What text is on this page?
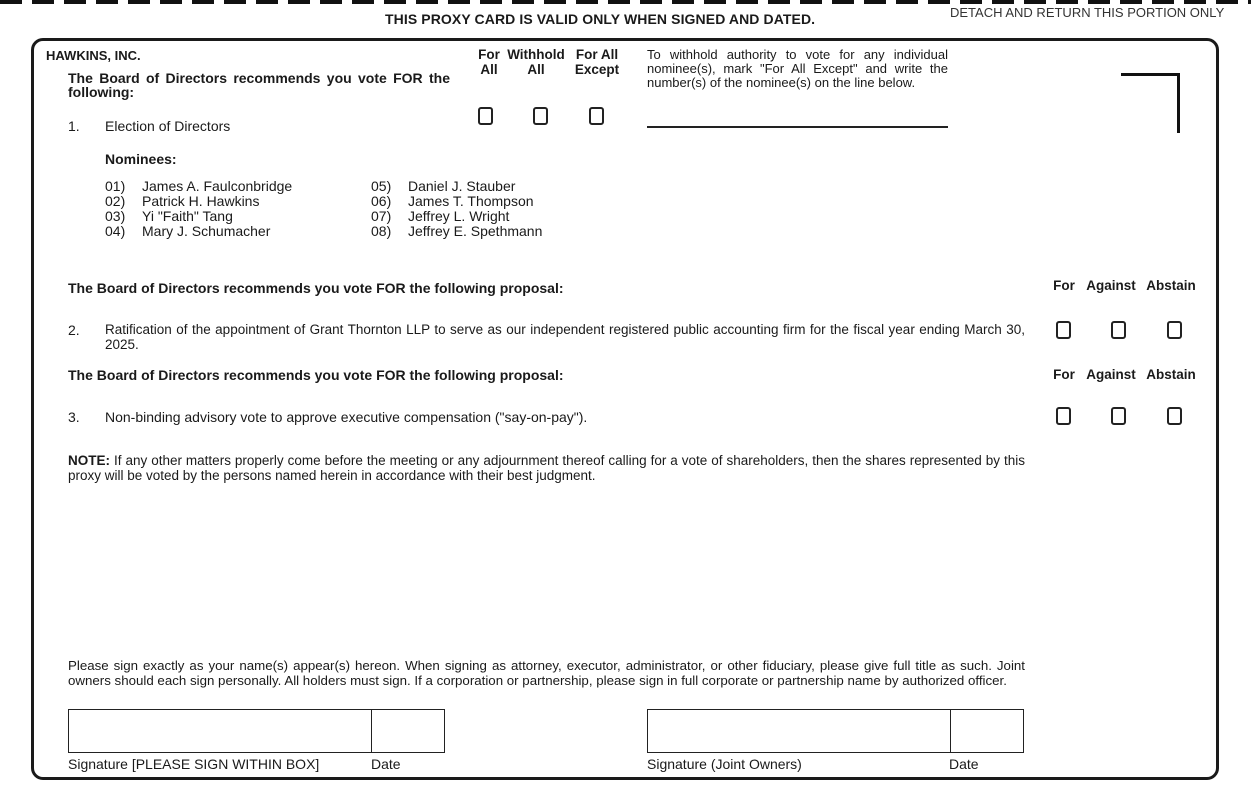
THIS PROXY CARD IS VALID ONLY WHEN SIGNED AND DATED.	DETACH AND RETURN THIS PORTION ONLY
HAWKINS, INC.
The Board of Directors recommends you vote FOR the following:
For All
Withhold All
For All Except
To withhold authority to vote for any individual nominee(s), mark "For All Except" and write the number(s) of the nominee(s) on the line below.
1. Election of Directors
Nominees:
01) James A. Faulconbridge
02) Patrick H. Hawkins
03) Yi "Faith" Tang
04) Mary J. Schumacher
05) Daniel J. Stauber
06) James T. Thompson
07) Jeffrey L. Wright
08) Jeffrey E. Spethmann
The Board of Directors recommends you vote FOR the following proposal:	For Against Abstain
2. Ratification of the appointment of Grant Thornton LLP to serve as our independent registered public accounting firm for the fiscal year ending March 30, 2025.
The Board of Directors recommends you vote FOR the following proposal:	For Against Abstain
3. Non-binding advisory vote to approve executive compensation ("say-on-pay").
NOTE: If any other matters properly come before the meeting or any adjournment thereof calling for a vote of shareholders, then the shares represented by this proxy will be voted by the persons named herein in accordance with their best judgment.
Please sign exactly as your name(s) appear(s) hereon. When signing as attorney, executor, administrator, or other fiduciary, please give full title as such. Joint owners should each sign personally. All holders must sign. If a corporation or partnership, please sign in full corporate or partnership name by authorized officer.
Signature [PLEASE SIGN WITHIN BOX]	Date	Signature (Joint Owners)	Date
